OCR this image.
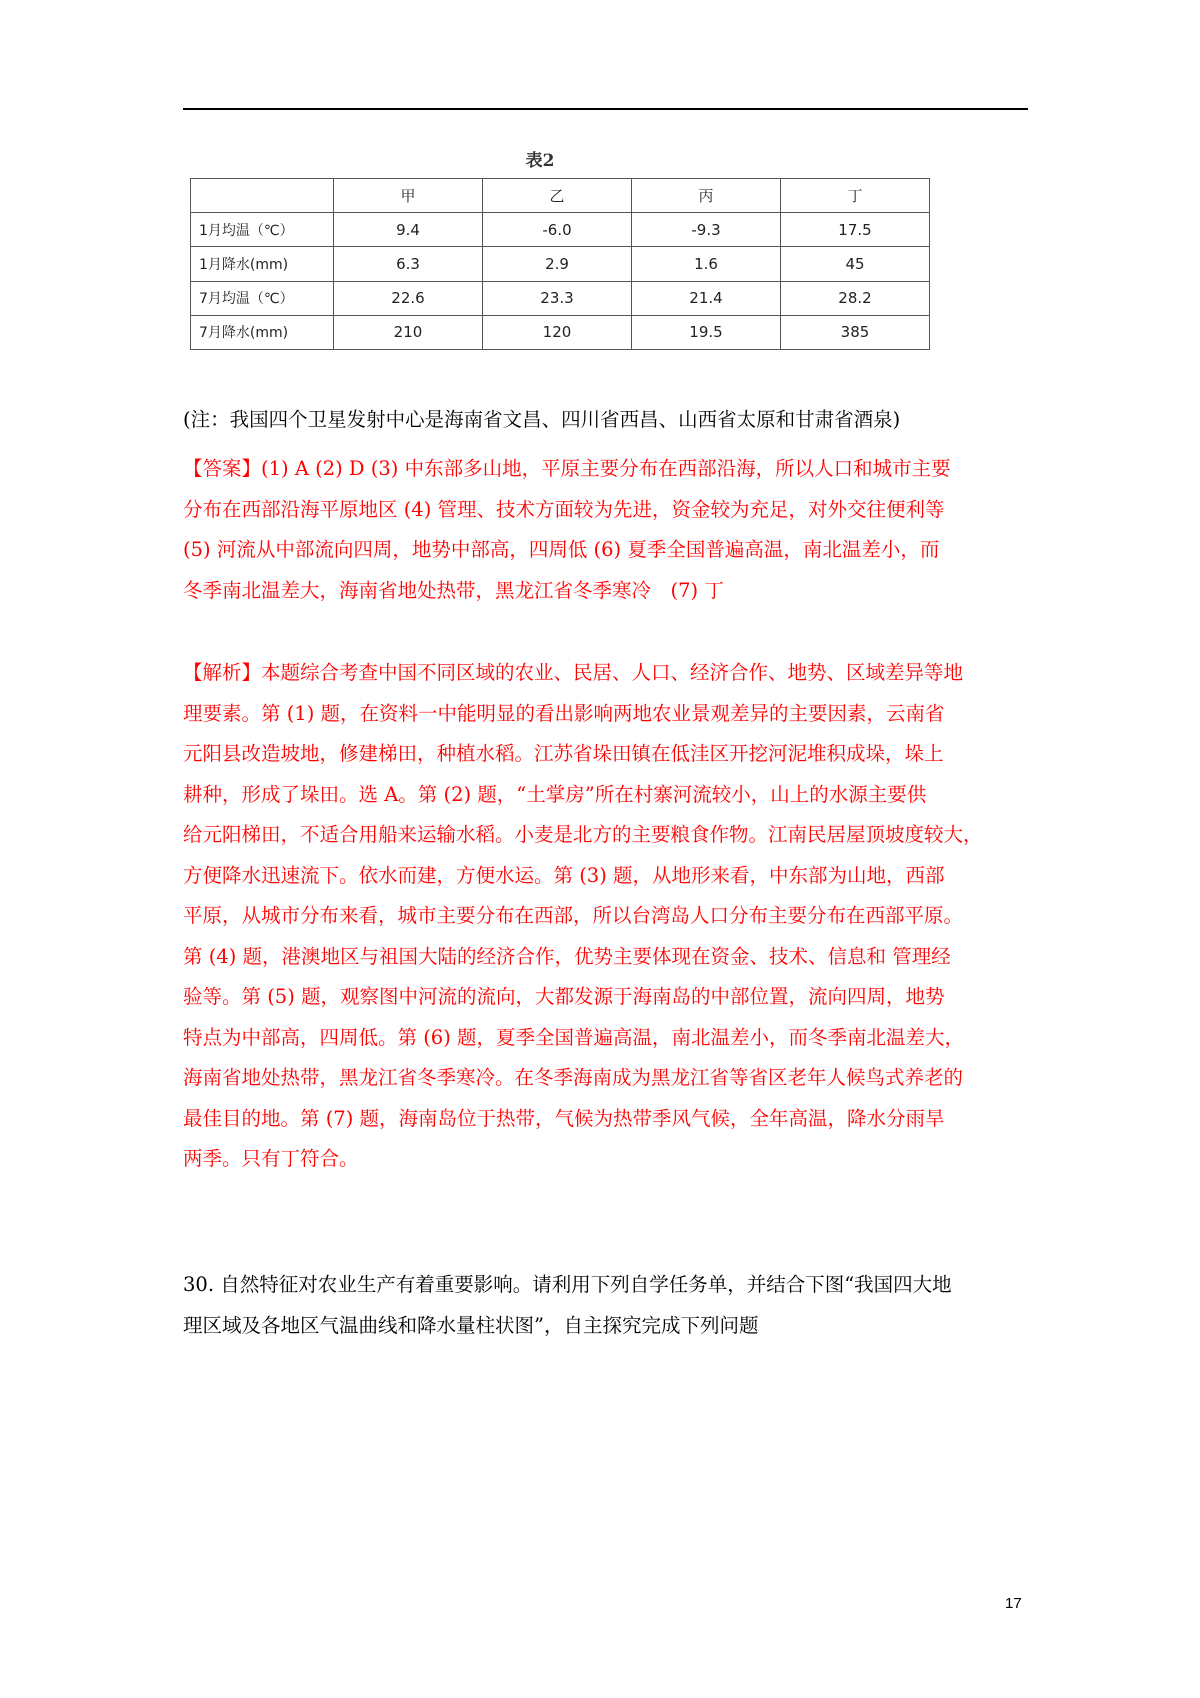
表2
	甲	乙	丙	丁
1月均温（℃）	9.4	-6.0	-9.3	17.5
1月降水(mm)	6.3	2.9	1.6	45
7月均温（℃）	22.6	23.3	21.4	28.2
7月降水(mm)	210	120	19.5	385
(注：我国四个卫星发射中心是海南省文昌、四川省西昌、山西省太原和甘肃省酒泉)
【答案】(1) A (2) D (3) 中东部多山地，平原主要分布在西部沿海，所以人口和城市主要
分布在西部沿海平原地区 (4) 管理、技术方面较为先进，资金较为充足，对外交往便利等
(5) 河流从中部流向四周，地势中部高，四周低 (6) 夏季全国普遍高温，南北温差小，而
冬季南北温差大，海南省地处热带，黑龙江省冬季寒冷　(7) 丁
【解析】本题综合考查中国不同区域的农业、民居、人口、经济合作、地势、区域差异等地
理要素。第 (1) 题，在资料一中能明显的看出影响两地农业景观差异的主要因素，云南省
元阳县改造坡地，修建梯田，种植水稻。江苏省垛田镇在低洼区开挖河泥堆积成垛，垛上
耕种，形成了垛田。选 A。第 (2) 题，“土掌房”所在村寨河流较小，山上的水源主要供
给元阳梯田，不适合用船来运输水稻。小麦是北方的主要粮食作物。江南民居屋顶坡度较大，
方便降水迅速流下。依水而建，方便水运。第 (3) 题，从地形来看，中东部为山地，西部
平原，从城市分布来看，城市主要分布在西部，所以台湾岛人口分布主要分布在西部平原。
第 (4) 题，港澳地区与祖国大陆的经济合作，优势主要体现在资金、技术、信息和 管理经
验等。第 (5) 题，观察图中河流的流向，大都发源于海南岛的中部位置，流向四周，地势
特点为中部高，四周低。第 (6) 题，夏季全国普遍高温，南北温差小，而冬季南北温差大，
海南省地处热带，黑龙江省冬季寒冷。在冬季海南成为黑龙江省等省区老年人候鸟式养老的
最佳目的地。第 (7) 题，海南岛位于热带，气候为热带季风气候，全年高温，降水分雨旱
两季。只有丁符合。
30. 自然特征对农业生产有着重要影响。请利用下列自学任务单，并结合下图“我国四大地
理区域及各地区气温曲线和降水量柱状图”，自主探究完成下列问题
17
